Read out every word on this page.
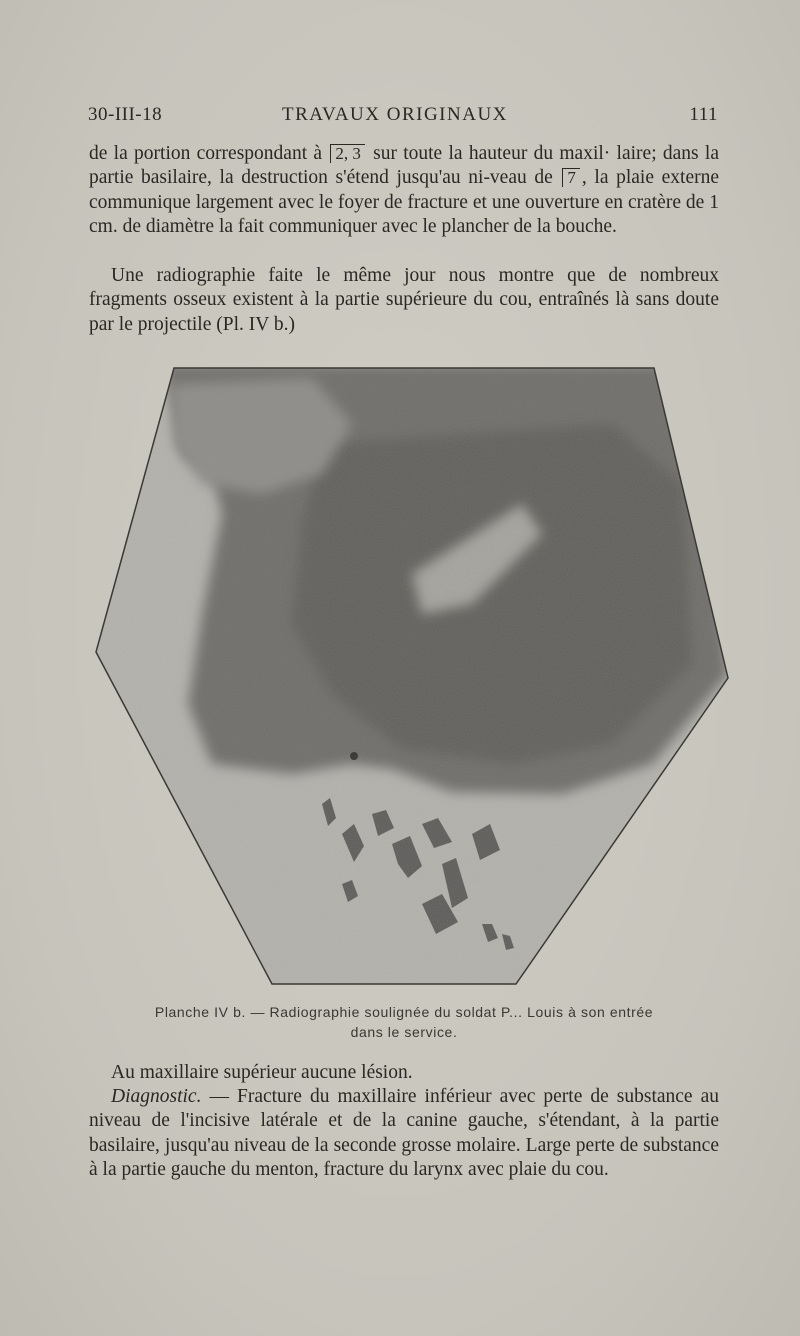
30-III-18	TRAVAUX ORIGINAUX	111

de la portion correspondant à 2, 3 sur toute la hauteur du maxil· laire; dans la partie basilaire, la destruction s'étend jusqu'au ni-veau de 7 , la plaie externe communique largement avec le foyer de fracture et une ouverture en cratère de 1 cm. de diamètre la fait communiquer avec le plancher de la bouche.

Une radiographie faite le même jour nous montre que de nombreux fragments osseux existent à la partie supérieure du cou, entraînés là sans doute par le projectile (Pl. IV b.)

Planche IV b. — Radiographie soulignée du soldat P... Louis à son entrée
dans le service.

Au maxillaire supérieur aucune lésion.

Diagnostic. — Fracture du maxillaire inférieur avec perte de substance au niveau de l'incisive latérale et de la canine gauche, s'étendant, à la partie basilaire, jusqu'au niveau de la seconde grosse molaire. Large perte de substance à la partie gauche du menton, fracture du larynx avec plaie du cou.
